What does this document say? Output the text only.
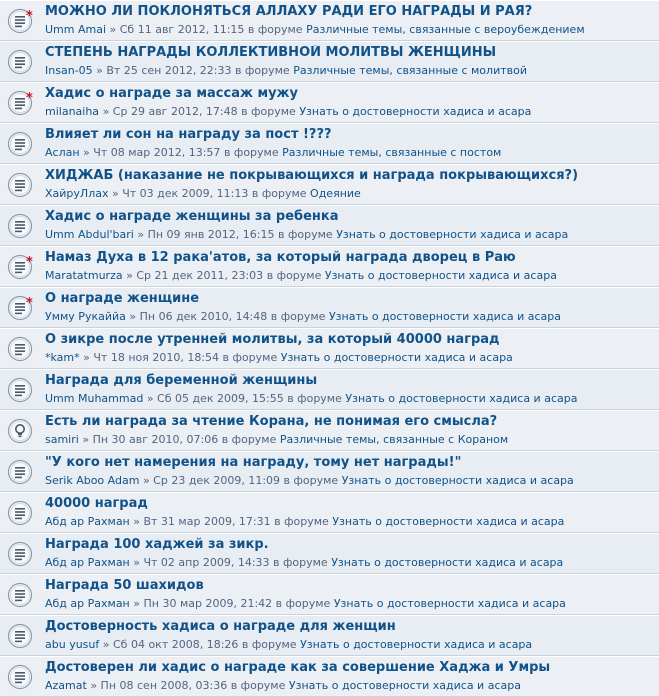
* МОЖНО ЛИ ПОКЛОНЯТЬСЯ АЛЛАХУ РАДИ ЕГО НАГРАДЫ И РАЯ?
Umm Amai » Сб 11 авг 2012, 11:15 в форуме Различные темы, связанные с вероубеждением
СТЕПЕНЬ НАГРАДЫ КОЛЛЕКТИВНОЙ МОЛИТВЫ ЖЕНЩИНЫ
Insan-05 » Вт 25 сен 2012, 22:33 в форуме Различные темы, связанные с молитвой
* Хадис о награде за массаж мужу
milanaiha » Ср 29 авг 2012, 17:48 в форуме Узнать о достоверности хадиса и асара
Влияет ли сон на награду за пост !???
Аслан » Чт 08 мар 2012, 13:57 в форуме Различные темы, связанные с постом
ХИДЖАБ (наказание не покрывающихся и награда покрывающихся?)
ХайруЛлах » Чт 03 дек 2009, 11:13 в форуме Одеяние
Хадис о награде женщины за ребенка
Umm Abdul'bari » Пн 09 янв 2012, 16:15 в форуме Узнать о достоверности хадиса и асара
* Намаз Духа в 12 рака'атов, за который награда дворец в Раю
Maratatmurza » Ср 21 дек 2011, 23:03 в форуме Узнать о достоверности хадиса и асара
* О награде женщине
Умму Рукаййа » Пн 06 дек 2010, 14:48 в форуме Узнать о достоверности хадиса и асара
О зикре после утренней молитвы, за который 40000 наград
*kam* » Чт 18 ноя 2010, 18:54 в форуме Узнать о достоверности хадиса и асара
Награда для беременной женщины
Umm Muhammad » Сб 05 дек 2009, 15:55 в форуме Узнать о достоверности хадиса и асара
Есть ли награда за чтение Корана, не понимая его смысла?
samiri » Пн 30 авг 2010, 07:06 в форуме Различные темы, связанные с Кораном
"У кого нет намерения на награду, тому нет награды!"
Serik Aboo Adam » Ср 23 дек 2009, 11:09 в форуме Узнать о достоверности хадиса и асара
40000 наград
Абд ар Рахман » Вт 31 мар 2009, 17:31 в форуме Узнать о достоверности хадиса и асара
Награда 100 хаджей за зикр.
Абд ар Рахман » Чт 02 апр 2009, 14:33 в форуме Узнать о достоверности хадиса и асара
Награда 50 шахидов
Абд ар Рахман » Пн 30 мар 2009, 21:42 в форуме Узнать о достоверности хадиса и асара
Достоверность хадиса о награде для женщин
abu yusuf » Сб 04 окт 2008, 18:26 в форуме Узнать о достоверности хадиса и асара
Достоверен ли хадис о награде как за совершение Хаджа и Умры
Azamat » Пн 08 сен 2008, 03:36 в форуме Узнать о достоверности хадиса и асара
